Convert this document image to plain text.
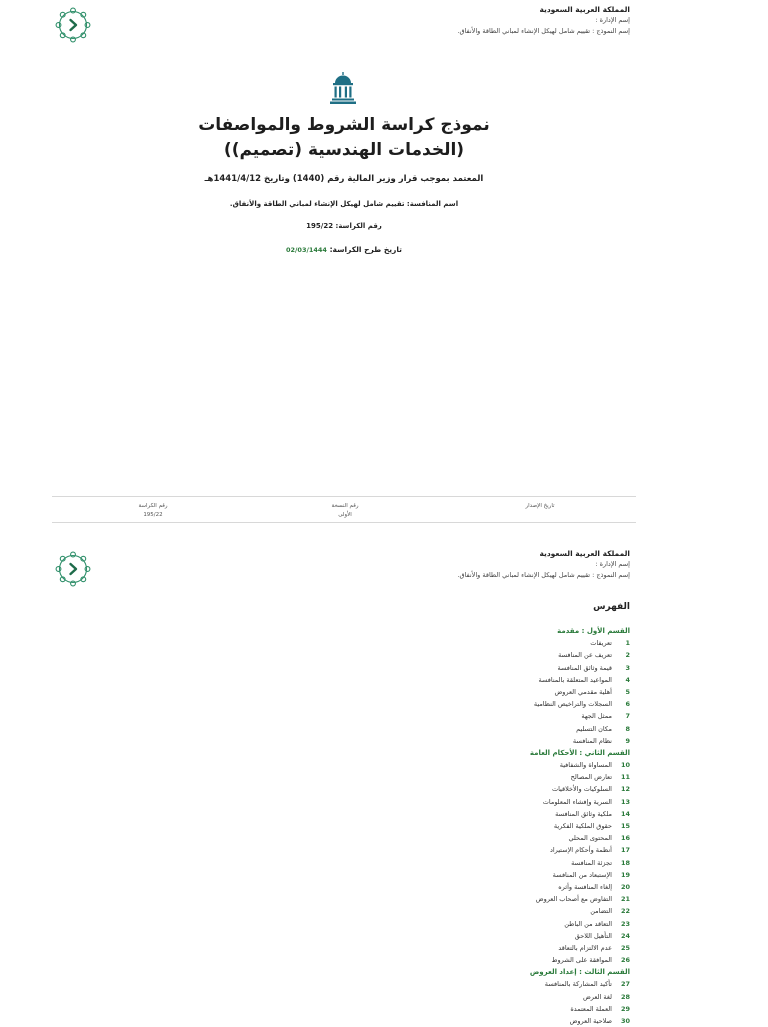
المملكة العربية السعودية
إسم الإدارة :
إسم النموذج : تقييم شامل لهيكل الإنشاء لمباني الطاقة والأنفاق.
نموذج كراسة الشروط والمواصفات
(الخدمات الهندسية (تصميم))
المعتمد بموجب قرار وزير المالية رقم (1440) وتاريخ 1441/4/12هـ
اسم المنافسة: تقييم شامل لهيكل الإنشاء لمباني الطاقة والأنفاق.
رقم الكراسة: 195/22
تاريخ طرح الكراسة: 02/03/1444
تاريخ الإصدار
رقم النسخة
الأولى
رقم الكراسة
195/22
المملكة العربية السعودية
إسم الإدارة :
إسم النموذج : تقييم شامل لهيكل الإنشاء لمباني الطاقة والأنفاق.
الفهرس
القسم الأول : مقدمة
1تعريفات
2تعريف عن المنافسة
3قيمة وثائق المنافسة
4المواعيد المتعلقة بالمنافسة
5أهلية مقدمي العروض
6السجلات والتراخيص النظامية
7ممثل الجهة
8مكان التسليم
9نظام المنافسة
القسم الثاني : الأحكام العامة
10المساواة والشفافية
11تعارض المصالح
12السلوكيات والأخلاقيات
13السرية وإفشاء المعلومات
14ملكية وثائق المنافسة
15حقوق الملكية الفكرية
16المحتوى المحلي
17أنظمة وأحكام الإستيراد
18تجزئة المنافسة
19الإستبعاد من المنافسة
20إلغاء المنافسة وأثره
21التفاوض مع أصحاب العروض
22التضامن
23التعاقد من الباطن
24التأهيل اللاحق
25عدم الالتزام بالتعاقد
26الموافقة على الشروط
القسم الثالث : إعداد العروض
27تأكيد المشاركة بالمنافسة
28لغة العرض
29العملة المعتمدة
30صلاحية العروض
